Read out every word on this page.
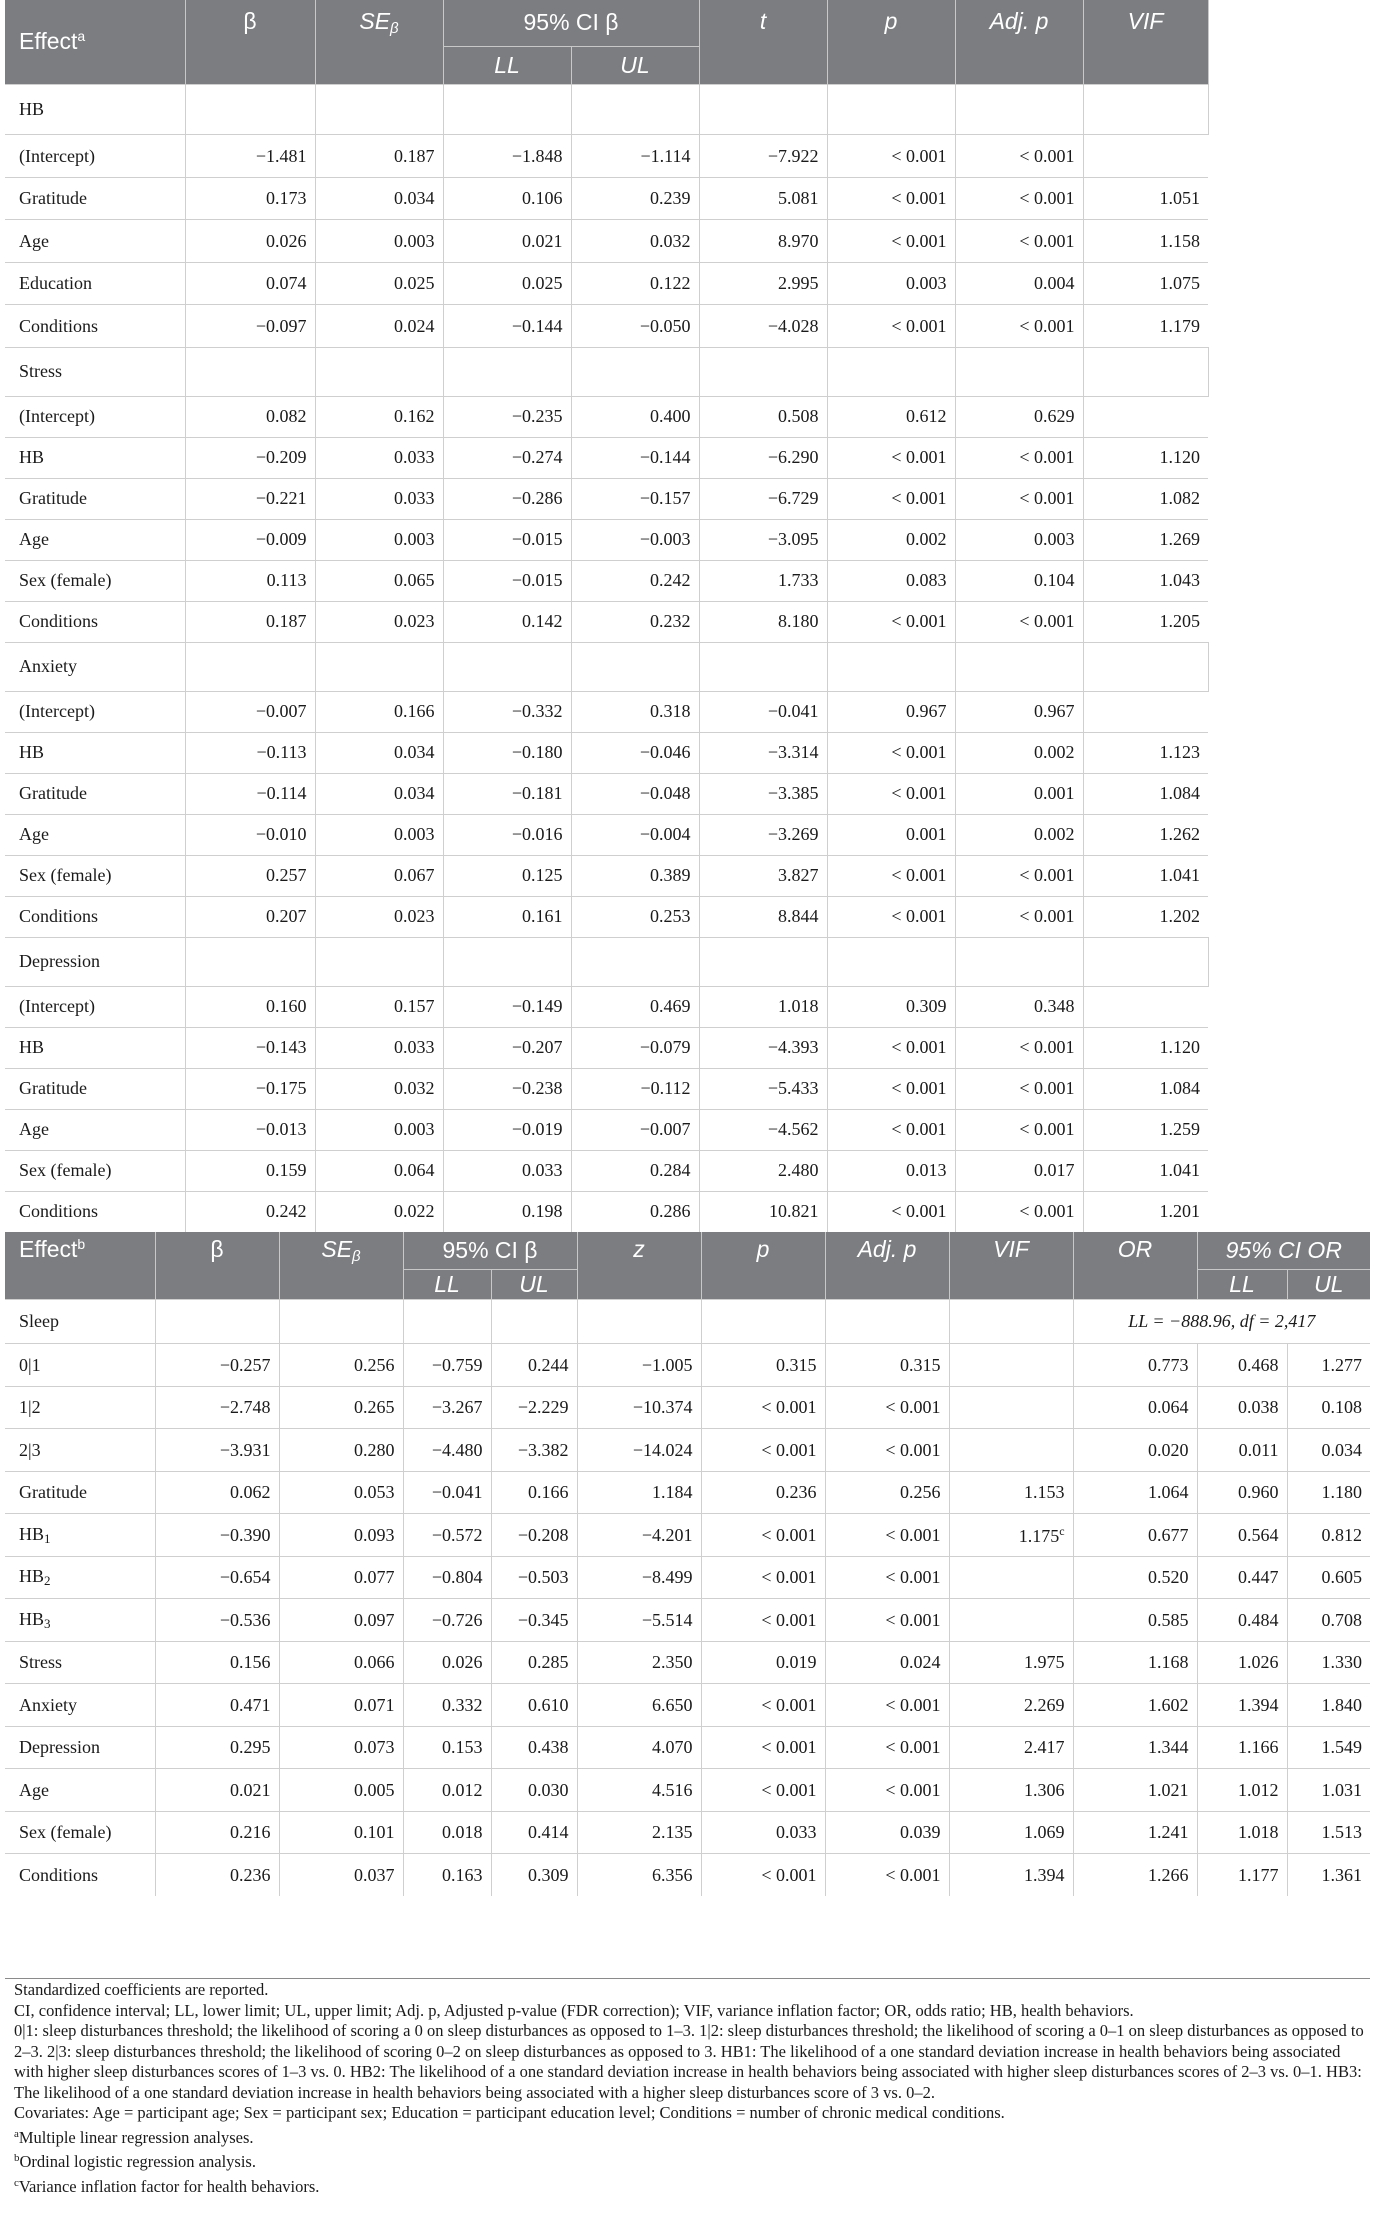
Effect$^a$	β	$SE_\beta$	95% CI β		t	p	Adj. p	VIF	
			LL	UL					
HB									

(Intercept)	−1.481	0.187	−1.848	−1.114	−7.922	< 0.001	< 0.001		
Gratitude	0.173	0.034	0.106	0.239	5.081	< 0.001	< 0.001	1.051	
Age	0.026	0.003	0.021	0.032	8.970	< 0.001	< 0.001	1.158	
Education	0.074	0.025	0.025	0.122	2.995	0.003	0.004	1.075	
Conditions	−0.097	0.024	−0.144	−0.050	−4.028	< 0.001	< 0.001	1.179	
Stress									

(Intercept)	0.082	0.162	−0.235	0.400	0.508	0.612	0.629		
HB	−0.209	0.033	−0.274	−0.144	−6.290	< 0.001	< 0.001	1.120	
Gratitude	−0.221	0.033	−0.286	−0.157	−6.729	< 0.001	< 0.001	1.082	
Age	−0.009	0.003	−0.015	−0.003	−3.095	0.002	0.003	1.269	
Sex (female)	0.113	0.065	−0.015	0.242	1.733	0.083	0.104	1.043	
Conditions	0.187	0.023	0.142	0.232	8.180	< 0.001	< 0.001	1.205	
Anxiety									

(Intercept)	−0.007	0.166	−0.332	0.318	−0.041	0.967	0.967		
HB	−0.113	0.034	−0.180	−0.046	−3.314	< 0.001	0.002	1.123	
Gratitude	−0.114	0.034	−0.181	−0.048	−3.385	< 0.001	0.001	1.084	
Age	−0.010	0.003	−0.016	−0.004	−3.269	0.001	0.002	1.262	
Sex (female)	0.257	0.067	0.125	0.389	3.827	< 0.001	< 0.001	1.041	
Conditions	0.207	0.023	0.161	0.253	8.844	< 0.001	< 0.001	1.202	
Depression									

(Intercept)	0.160	0.157	−0.149	0.469	1.018	0.309	0.348		
HB	−0.143	0.033	−0.207	−0.079	−4.393	< 0.001	< 0.001	1.120	
Gratitude	−0.175	0.032	−0.238	−0.112	−5.433	< 0.001	< 0.001	1.084	
Age	−0.013	0.003	−0.019	−0.007	−4.562	< 0.001	< 0.001	1.259	
Sex (female)	0.159	0.064	0.033	0.284	2.480	0.013	0.017	1.041	
Conditions	0.242	0.022	0.198	0.286	10.821	< 0.001	< 0.001	1.201	
Effect$^b$	β	$SE_\beta$	95% CI β		z	p	Adj. p	VIF	OR	95% CI OR	
			LL	UL						LL	UL
Sleep									LL = −888.96, df = 2,417		
0|1	−0.257	0.256	−0.759	0.244	−1.005	0.315	0.315		0.773	0.468	1.277
1|2	−2.748	0.265	−3.267	−2.229	−10.374	< 0.001	< 0.001		0.064	0.038	0.108
2|3	−3.931	0.280	−4.480	−3.382	−14.024	< 0.001	< 0.001		0.020	0.011	0.034
Gratitude	0.062	0.053	−0.041	0.166	1.184	0.236	0.256	1.153	1.064	0.960	1.180
HB1	−0.390	0.093	−0.572	−0.208	−4.201	< 0.001	< 0.001	1.175$^c$	0.677	0.564	0.812
HB2	−0.654	0.077	−0.804	−0.503	−8.499	< 0.001	< 0.001		0.520	0.447	0.605
HB3	−0.536	0.097	−0.726	−0.345	−5.514	< 0.001	< 0.001		0.585	0.484	0.708
Stress	0.156	0.066	0.026	0.285	2.350	0.019	0.024	1.975	1.168	1.026	1.330
Anxiety	0.471	0.071	0.332	0.610	6.650	< 0.001	< 0.001	2.269	1.602	1.394	1.840
Depression	0.295	0.073	0.153	0.438	4.070	< 0.001	< 0.001	2.417	1.344	1.166	1.549
Age	0.021	0.005	0.012	0.030	4.516	< 0.001	< 0.001	1.306	1.021	1.012	1.031
Sex (female)	0.216	0.101	0.018	0.414	2.135	0.033	0.039	1.069	1.241	1.018	1.513
Conditions	0.236	0.037	0.163	0.309	6.356	< 0.001	< 0.001	1.394	1.266	1.177	1.361

Standardized coefficients are reported.

CI, confidence interval; LL, lower limit; UL, upper limit; Adj. p, Adjusted p-value (FDR correction); VIF, variance inflation factor; OR, odds ratio; HB, health behaviors.

0|1: sleep disturbances threshold; the likelihood of scoring a 0 on sleep disturbances as opposed to 1–3. 1|2: sleep disturbances threshold; the likelihood of scoring a 0–1 on sleep disturbances as opposed to 2–3. 2|3: sleep disturbances threshold; the likelihood of scoring 0–2 on sleep disturbances as opposed to 3. HB1: The likelihood of a one standard deviation increase in health behaviors being associated with higher sleep disturbances scores of 1–3 vs. 0. HB2: The likelihood of a one standard deviation increase in health behaviors being associated with higher sleep disturbances scores of 2–3 vs. 0–1. HB3: The likelihood of a one standard deviation increase in health behaviors being associated with a higher sleep disturbances score of 3 vs. 0–2.

Covariates: Age = participant age; Sex = participant sex; Education = participant education level; Conditions = number of chronic medical conditions.

$^a$Multiple linear regression analyses.

$^b$Ordinal logistic regression analysis.

$^c$Variance inflation factor for health behaviors.
